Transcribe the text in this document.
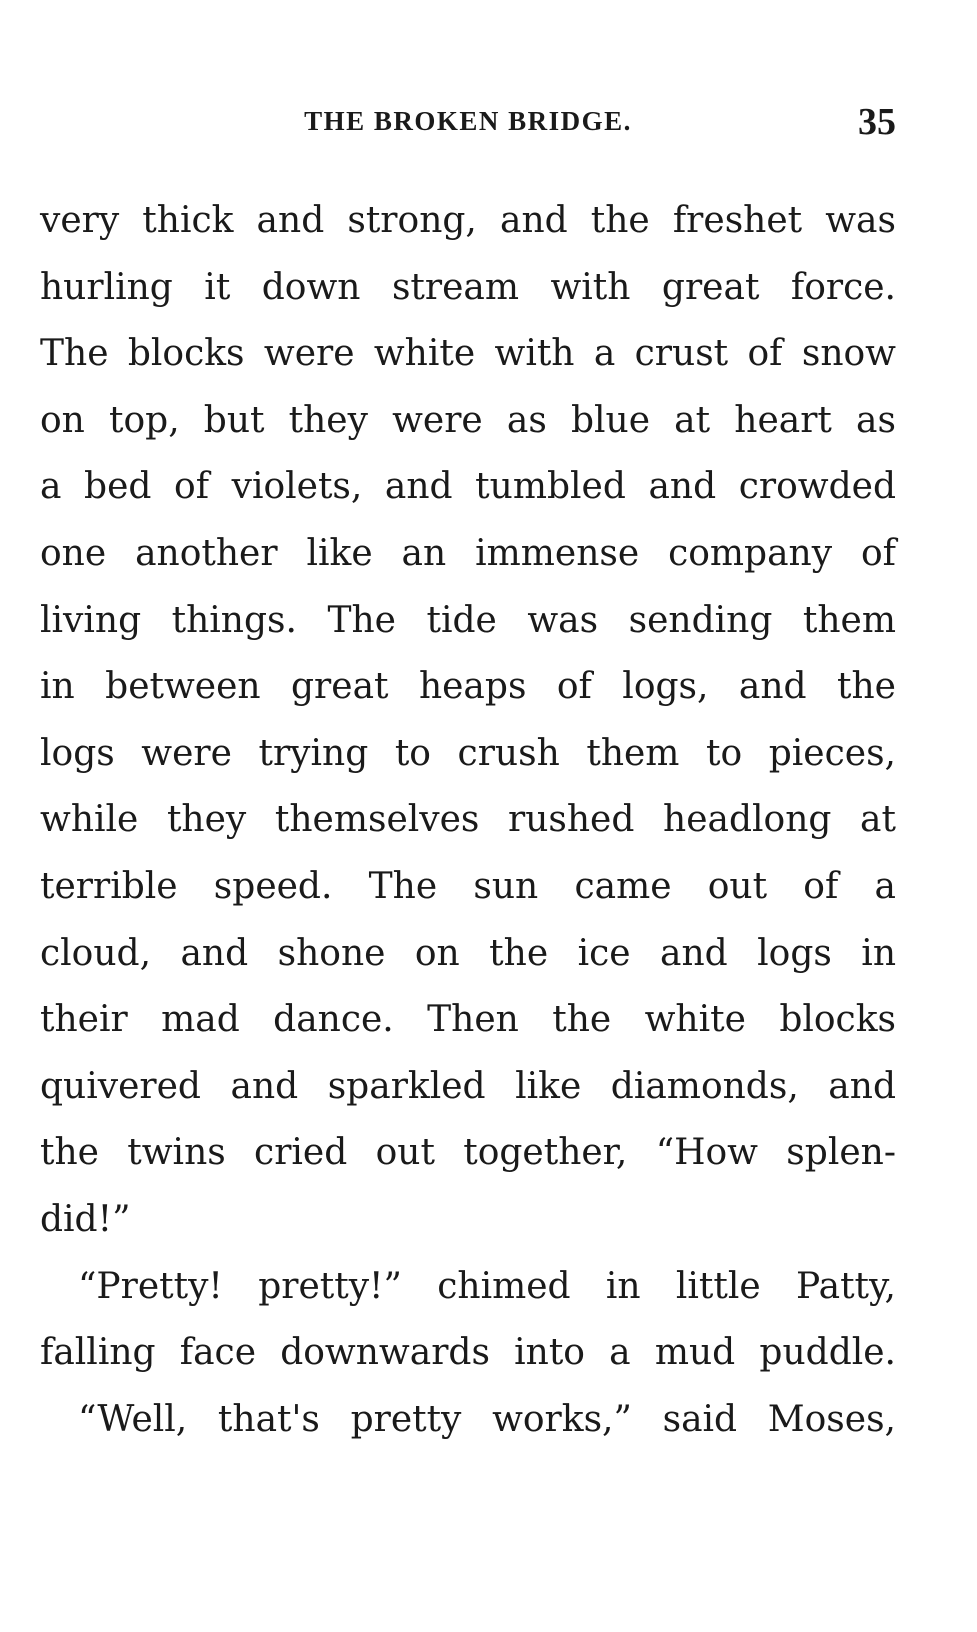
THE BROKEN BRIDGE.	35
very thick and strong, and the freshet was
hurling it down stream with great force.
The blocks were white with a crust of snow
on top, but they were as blue at heart as
a bed of violets, and tumbled and crowded
one another like an immense company of
living things. The tide was sending them
in between great heaps of logs, and the
logs were trying to crush them to pieces,
while they themselves rushed headlong at
terrible speed. The sun came out of a
cloud, and shone on the ice and logs in
their mad dance. Then the white blocks
quivered and sparkled like diamonds, and
the twins cried out together, “How splen-
did!”
“Pretty! pretty!” chimed in little Patty,
falling face downwards into a mud puddle.
“Well, that's pretty works,” said Moses,
